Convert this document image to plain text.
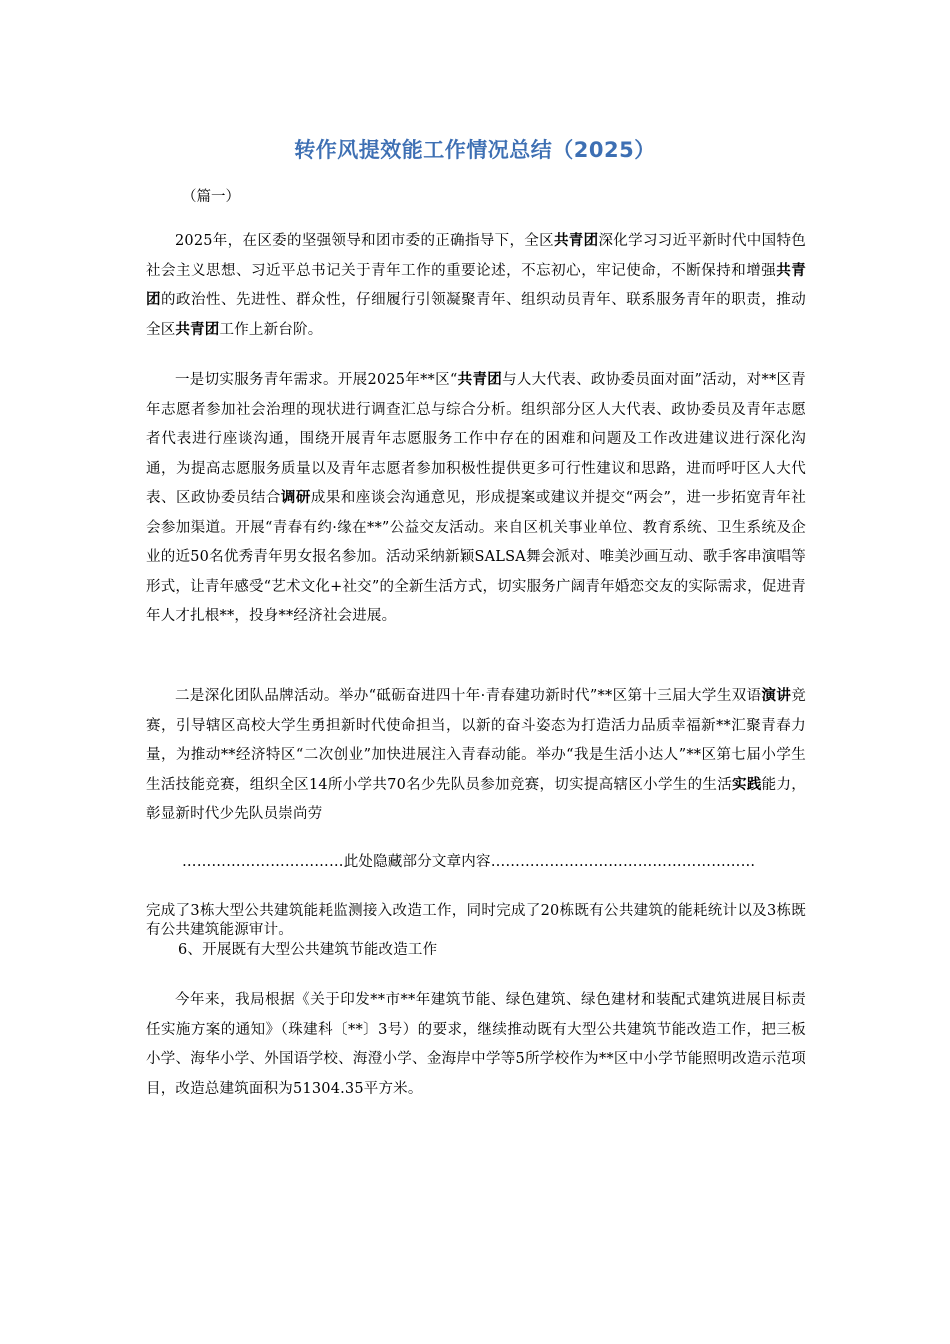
转作风提效能工作情况总结（2025）
（篇一）
2025年，在区委的坚强领导和团市委的正确指导下，全区共青团深化学习习近平新时代中国特色社会主义思想、习近平总书记关于青年工作的重要论述，不忘初心，牢记使命，不断保持和增强共青团的政治性、先进性、群众性，仔细履行引领凝聚青年、组织动员青年、联系服务青年的职责，推动全区共青团工作上新台阶。
一是切实服务青年需求。开展2025年**区“共青团与人大代表、政协委员面对面”活动，对**区青年志愿者参加社会治理的现状进行调查汇总与综合分析。组织部分区人大代表、政协委员及青年志愿者代表进行座谈沟通，围绕开展青年志愿服务工作中存在的困难和问题及工作改进建议进行深化沟通，为提高志愿服务质量以及青年志愿者参加积极性提供更多可行性建议和思路，进而呼吁区人大代表、区政协委员结合调研成果和座谈会沟通意见，形成提案或建议并提交“两会”，进一步拓宽青年社会参加渠道。开展“青春有约·缘在**”公益交友活动。来自区机关事业单位、教育系统、卫生系统及企业的近50名优秀青年男女报名参加。活动采纳新颖SALSA舞会派对、唯美沙画互动、歌手客串演唱等形式，让青年感受“艺术文化+社交”的全新生活方式，切实服务广阔青年婚恋交友的实际需求，促进青年人才扎根**，投身**经济社会进展。
二是深化团队品牌活动。举办“砥砺奋进四十年·青春建功新时代”**区第十三届大学生双语演讲竞赛，引导辖区高校大学生勇担新时代使命担当，以新的奋斗姿态为打造活力品质幸福新**汇聚青春力量，为推动**经济特区“二次创业”加快进展注入青春动能。举办“我是生活小达人”**区第七届小学生生活技能竞赛，组织全区14所小学共70名少先队员参加竞赛，切实提高辖区小学生的生活实践能力，彰显新时代少先队员崇尚劳
……………………………此处隐藏部分文章内容………………………………………………
完成了3栋大型公共建筑能耗监测接入改造工作，同时完成了20栋既有公共建筑的能耗统计以及3栋既有公共建筑能源审计。
6、开展既有大型公共建筑节能改造工作
今年来，我局根据《关于印发**市**年建筑节能、绿色建筑、绿色建材和装配式建筑进展目标责任实施方案的通知》（珠建科〔**〕3号）的要求，继续推动既有大型公共建筑节能改造工作，把三板小学、海华小学、外国语学校、海澄小学、金海岸中学等5所学校作为**区中小学节能照明改造示范项目，改造总建筑面积为51304.35平方米。
